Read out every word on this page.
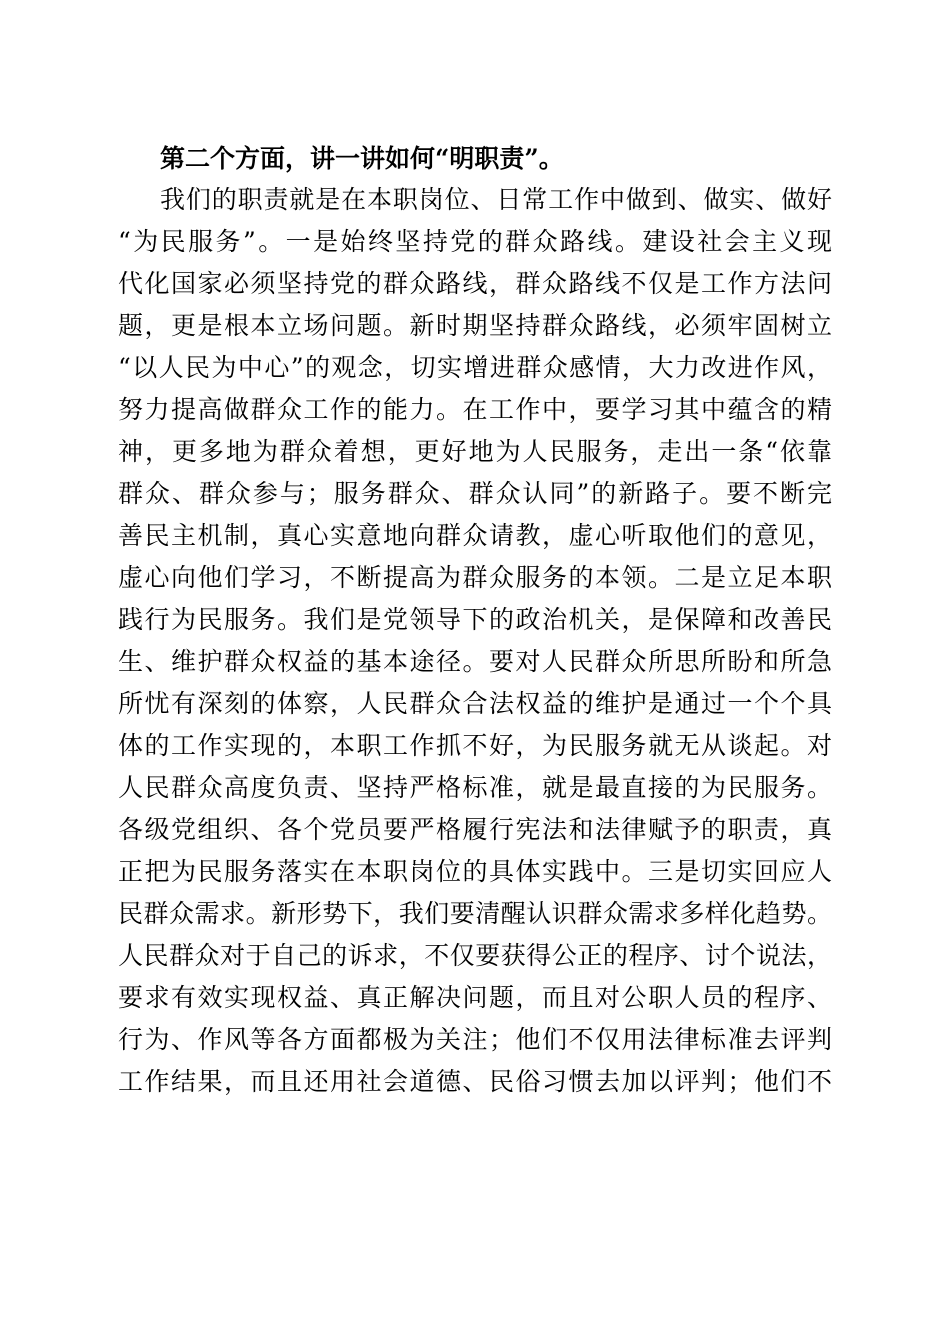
第二个方面，讲一讲如何“明职责”。
我们的职责就是在本职岗位、日常工作中做到、做实、做好
“为民服务”。一是始终坚持党的群众路线。建设社会主义现
代化国家必须坚持党的群众路线，群众路线不仅是工作方法问
题，更是根本立场问题。新时期坚持群众路线，必须牢固树立
“以人民为中心”的观念，切实增进群众感情，大力改进作风，
努力提高做群众工作的能力。在工作中，要学习其中蕴含的精
神，更多地为群众着想，更好地为人民服务，走出一条“依靠
群众、群众参与；服务群众、群众认同”的新路子。要不断完
善民主机制，真心实意地向群众请教，虚心听取他们的意见，
虚心向他们学习，不断提高为群众服务的本领。二是立足本职
践行为民服务。我们是党领导下的政治机关，是保障和改善民
生、维护群众权益的基本途径。要对人民群众所思所盼和所急
所忧有深刻的体察，人民群众合法权益的维护是通过一个个具
体的工作实现的，本职工作抓不好，为民服务就无从谈起。对
人民群众高度负责、坚持严格标准，就是最直接的为民服务。
各级党组织、各个党员要严格履行宪法和法律赋予的职责，真
正把为民服务落实在本职岗位的具体实践中。三是切实回应人
民群众需求。新形势下，我们要清醒认识群众需求多样化趋势。
人民群众对于自己的诉求，不仅要获得公正的程序、讨个说法，
要求有效实现权益、真正解决问题，而且对公职人员的程序、
行为、作风等各方面都极为关注；他们不仅用法律标准去评判
工作结果，而且还用社会道德、民俗习惯去加以评判；他们不
